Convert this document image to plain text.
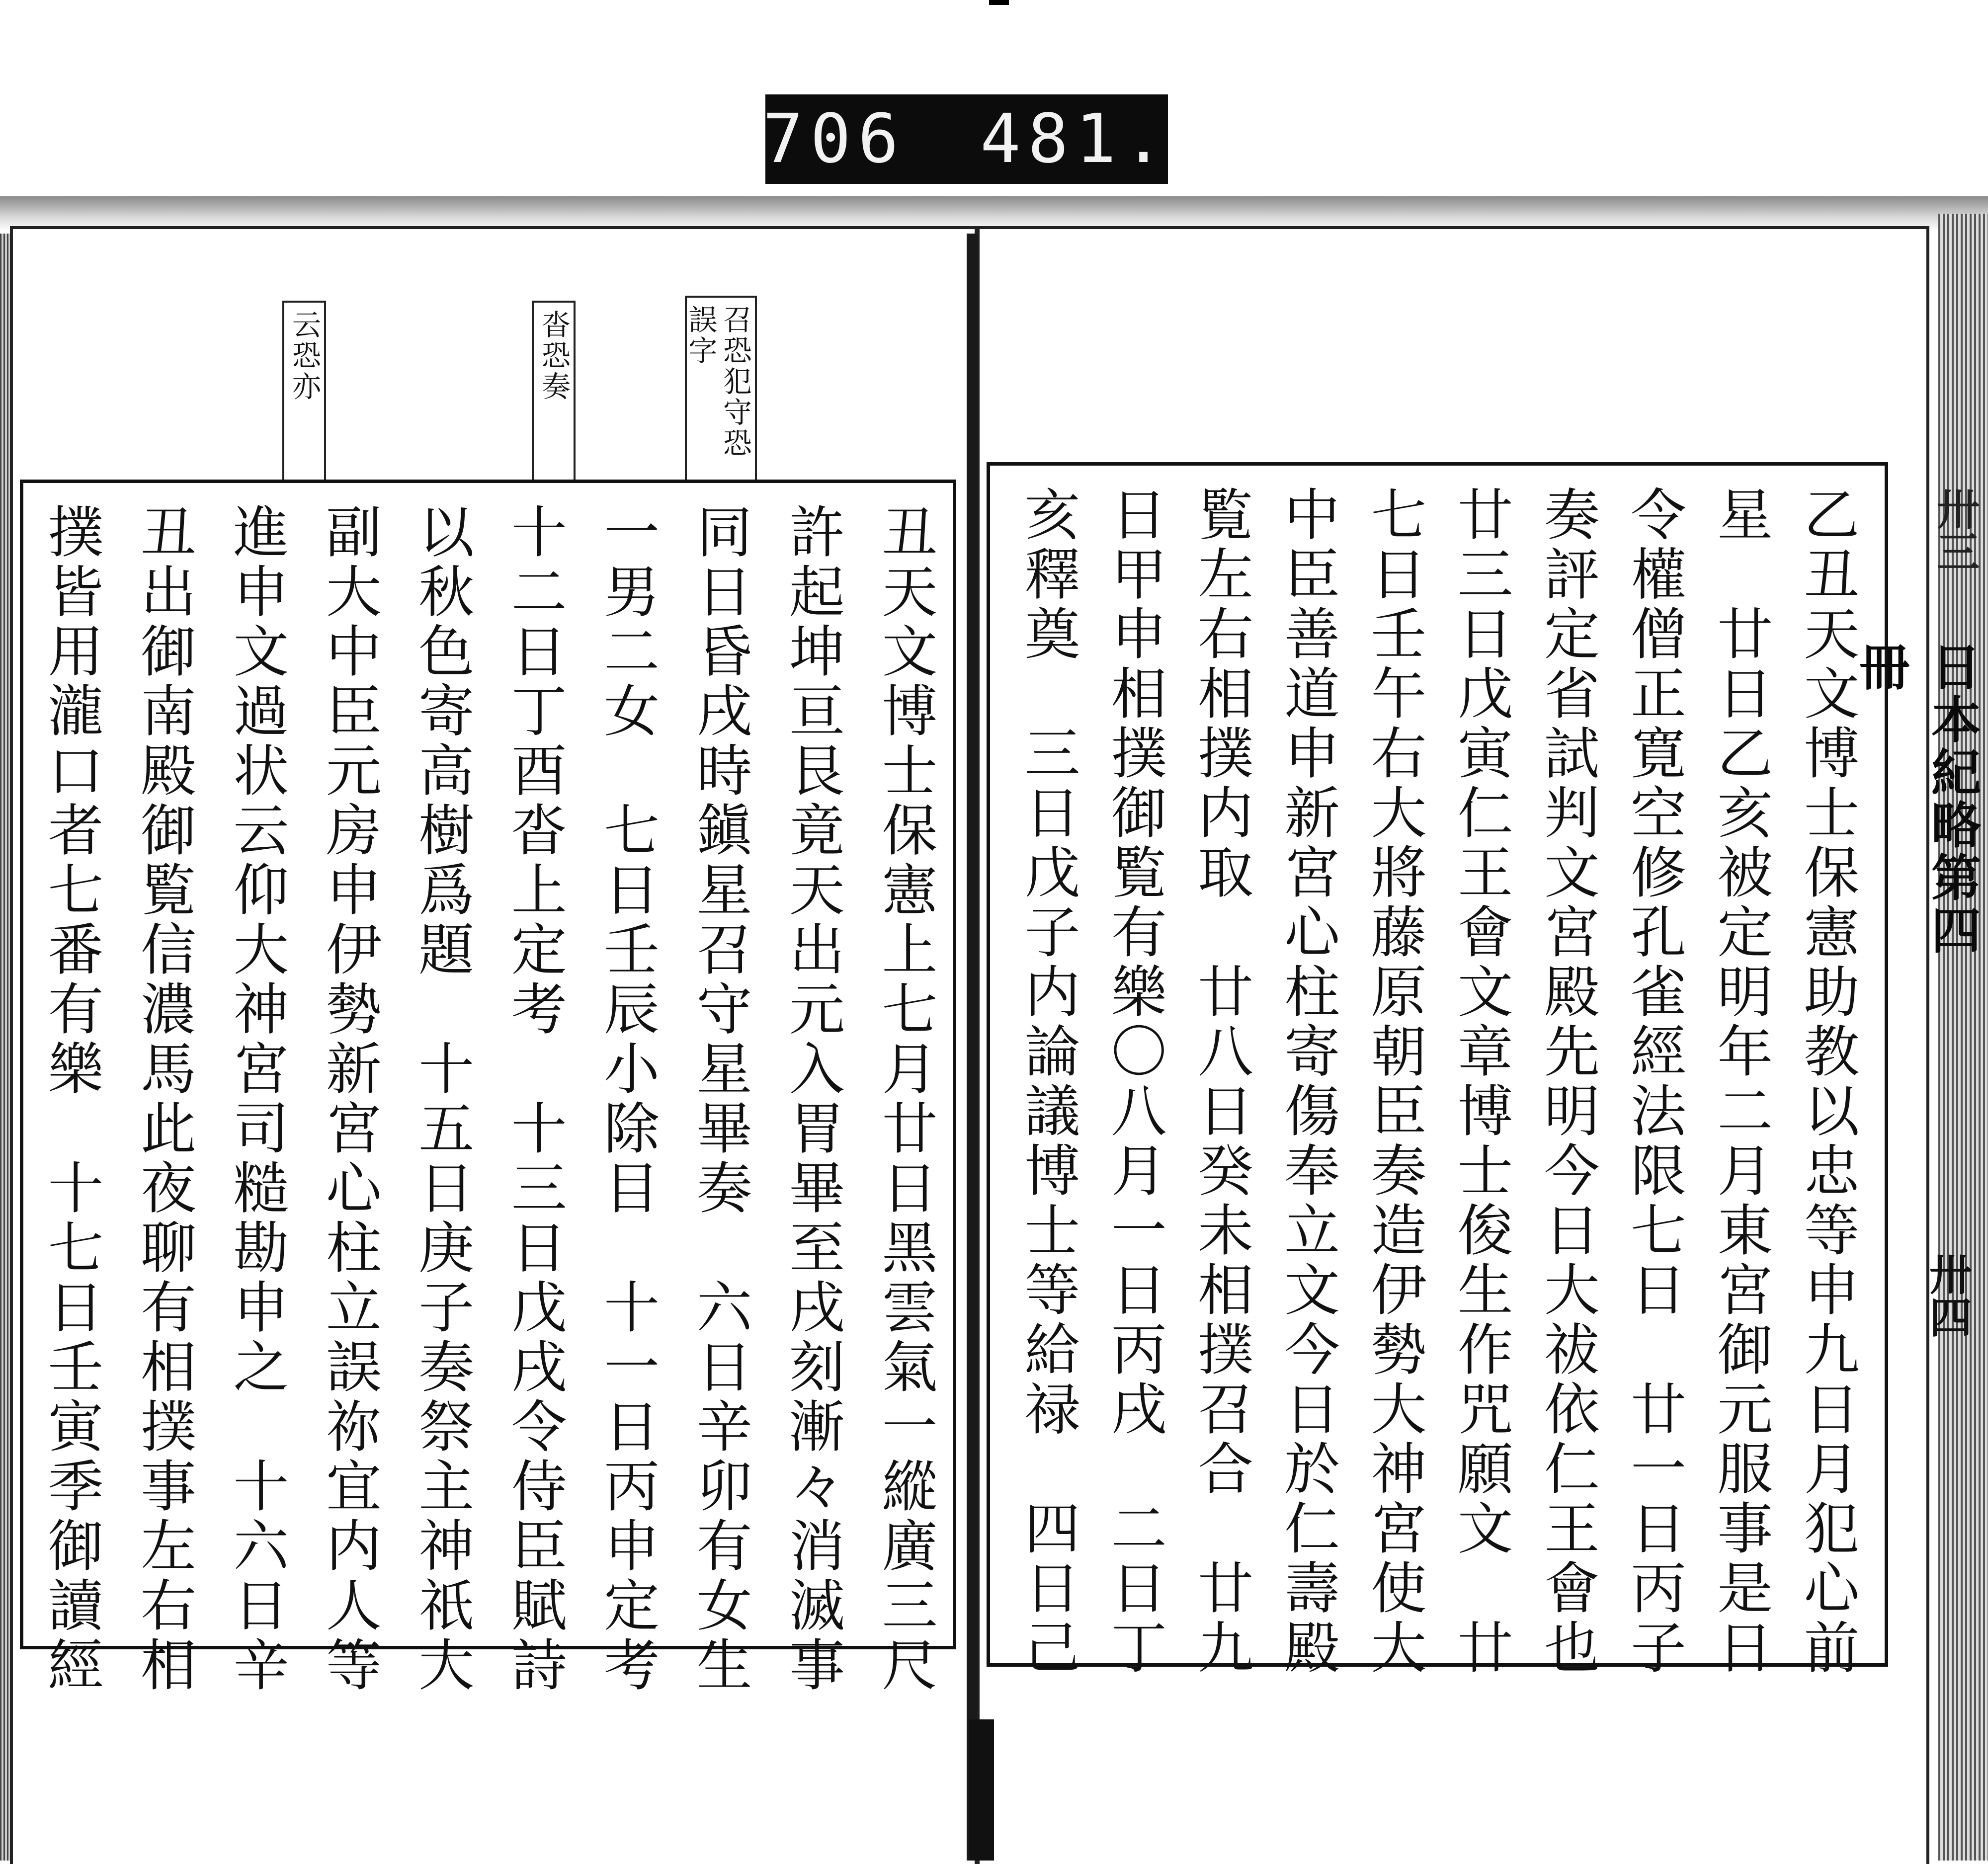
706 481.
云恐亦	沓恐奏	召恐犯守恐誤字
丑天文博士保憲上七月廿日黑雲氣一縱廣三尺
許起坤亘艮竟天出元入胃畢至戌刻漸々消滅事
同日昏戌時鎭星召守星畢奏　六日辛卯有女生
一男二女　七日壬辰小除目　十一日丙申定考
十二日丁酉沓上定考　十三日戊戌令侍臣賦詩
以秋色寄高樹爲題　十五日庚子奏祭主神祇大
副大中臣元房申伊勢新宮心柱立誤祢宜内人等
進申文過状云仰大神宮司糙勘申之　十六日辛
丑出御南殿御覧信濃馬此夜聊有相撲事左右相
撲皆用瀧口者七番有樂　十七日壬寅季御讀經	乙丑天文博士保憲助教以忠等申九日月犯心前
星　廿日乙亥被定明年二月東宮御元服事是日
令權僧正寛空修孔雀經法限七日　廿一日丙子
奏評定省試判文宮殿先明今日大祓依仁王會也
廿三日戊寅仁王會文章博士俊生作咒願文　廿
七日壬午右大將藤原朝臣奏造伊勢大神宮使大
中臣善道申新宮心柱寄傷奉立文今日於仁壽殿
覧左右相撲内取　廿八日癸未相撲召合　廿九
日甲申相撲御覧有樂〇八月一日丙戌　二日丁
亥釋奠　三日戊子内論議博士等給禄　四日己	日本紀略第四冊
卅三
卅四
